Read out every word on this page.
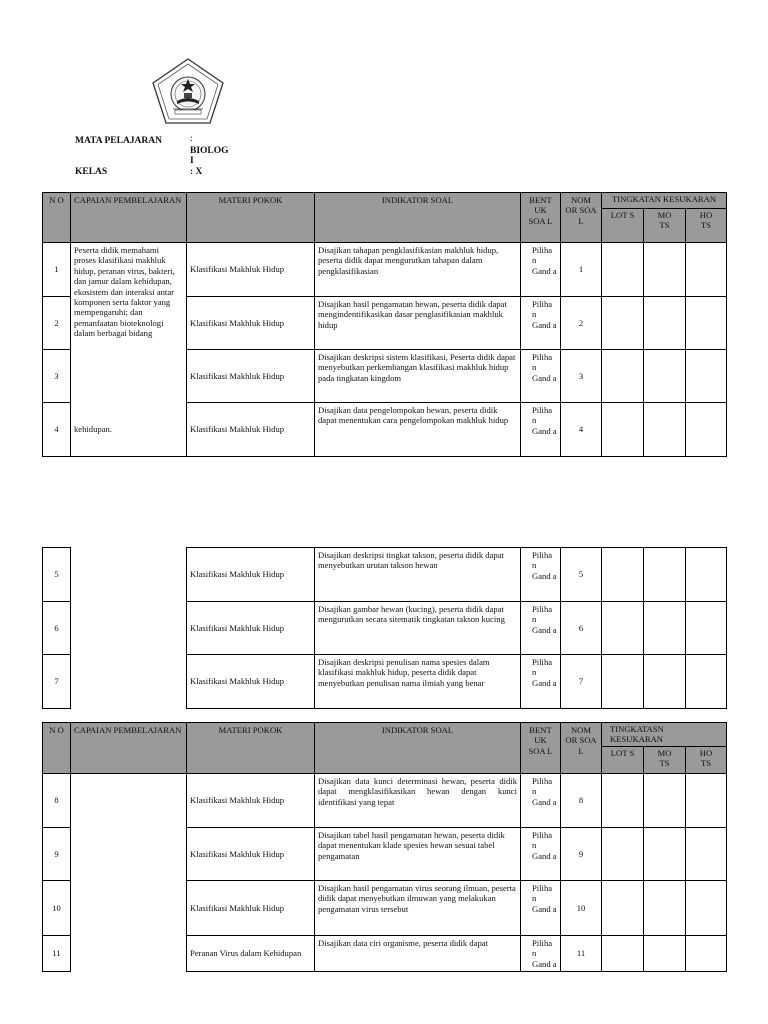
MATA PELAJARAN	:
BIOLOG I
KELAS	: X
N O	CAPAIAN PEMBELAJARAN	MATERI POKOK	INDIKATOR SOAL	BENT UK SOA L	NOM OR SOA L	TINGKATAN KESUKARAN		
						LOT S	MO TS	HO TS
1	Peserta didik memahami proses klasifikasi makhluk hidup, peranan virus, bakteri, dan jamur dalam kehidupan, ekosistem dan interaksi antar komponen serta faktor yang mempengaruhi; dan pemanfaatan bioteknologi dalam berbagai bidang	Klasifikasi Makhluk Hidup	Disajikan tahapan pengklasifikasian makhluk hidup, peserta didik dapat mengurutkan tahapan dalam pengklasifikasian	Piliha n Gand a	1			
2		Klasifikasi Makhluk Hidup	Disajikan hasil pengamatan hewan, peserta didik dapat mengindentifikasikan dasar penglasifikasian makhluk hidup	Piliha n Gand a	2			
3		Klasifikasi Makhluk Hidup	Disajikan deskripsi sistem klasifikasi, Peserta didik dapat menyebutkan perkembangan klasifikasi makhluk hidup pada tingkatan kingdom	Piliha n Gand a	3			
4	kehidupan.	Klasifikasi Makhluk Hidup	Disajikan data pengelompokan hewan, peserta didik dapat menentukan cara pengelompokan makhluk hidup	Piliha n Gand a	4			
5		Klasifikasi Makhluk Hidup	Disajikan deskripsi tingkat takson, peserta didik dapat menyebutkan urutan takson hewan	Piliha n Gand a	5			
6		Klasifikasi Makhluk Hidup	Disajikan gambar hewan (kucing), peserta didik dapat mengurutkan secara sitematik tingkatan takson kucing	Piliha n Gand a	6			
7		Klasifikasi Makhluk Hidup	Disajikan deskripsi penulisan nama spesies dalam klasifikasi makhluk hidup, peserta didik dapat menyebutkan penulisan nama ilmiah yang benar	Piliha n Gand a	7			
N O	CAPAIAN PEMBELAJARAN	MATERI POKOK	INDIKATOR SOAL	BENT UK SOA L	NOM OR SOA L	TINGKATASN KESUKARAN		
						LOT S	MO TS	HO TS
8		Klasifikasi Makhluk Hidup	Disajikan data kunci determinasi hewan, peserta didik dapat mengklasifikasikan hewan dengan kunci identifikasi yang tepat	Piliha n Gand a	8			
9		Klasifikasi Makhluk Hidup	Disajikan tabel hasil pengamatan hewan, peserta didik dapat menentukan klade spesies hewan sesuai tabel pengamatan	Piliha n Gand a	9			
10		Klasifikasi Makhluk Hidup	Disajikan hasil pengamatan virus seorang ilmuan, peserta didik dapat menyebutkan ilmuwan yang melakukan pengamatan virus tersebut	Piliha n Gand a	10			
11		Peranan Virus dalam Kehidupan	Disajikan data ciri organisme, peserta didik dapat	Piliha n Gand a	11			
